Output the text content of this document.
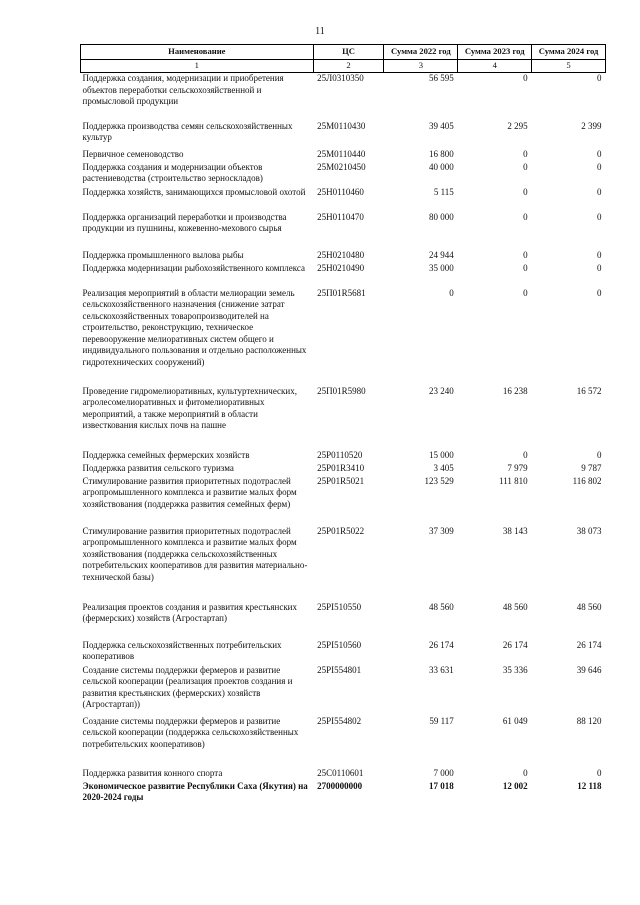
11
Наименование	ЦС	Сумма 2022 год	Сумма 2023 год	Сумма 2024 год
1	2	3	4	5
Поддержка создания, модернизации и приобретения объектов переработки сельскохозяйственной и промысловой продукции	25Л0310350	56 595	0	0
Поддержка производства семян сельскохозяйственных культур	25М0110430	39 405	2 295	2 399
Первичное семеноводство	25М0110440	16 800	0	0
Поддержка создания и модернизации объектов растениеводства (строительство зерноскладов)	25М0210450	40 000	0	0
Поддержка хозяйств, занимающихся промысловой охотой	25Н0110460	5 115	0	0
Поддержка организаций переработки и производства продукции из пушнины, кожевенно-мехового сырья	25Н0110470	80 000	0	0
Поддержка промышленного вылова рыбы	25Н0210480	24 944	0	0
Поддержка модернизации рыбохозяйственного комплекса	25Н0210490	35 000	0	0
Реализация мероприятий в области мелиорации земель сельскохозяйственного назначения (снижение затрат сельскохозяйственных товаропроизводителей на строительство, реконструкцию, техническое перевооружение мелиоративных систем общего и индивидуального пользования и отдельно расположенных гидротехнических сооружений)	25П01R5681	0	0	0
Проведение гидромелиоративных, культуртехнических, агролесомелиоративных и фитомелиоративных мероприятий, а также мероприятий в области известкования кислых почв на пашне	25П01R5980	23 240	16 238	16 572
Поддержка семейных фермерских хозяйств	25Р0110520	15 000	0	0
Поддержка развития сельского туризма	25Р01R3410	3 405	7 979	9 787
Стимулирование развития приоритетных подотраслей агропромышленного комплекса и развитие малых форм хозяйствования (поддержка развития семейных ферм)	25Р01R5021	123 529	111 810	116 802
Стимулирование развития приоритетных подотраслей агропромышленного комплекса и развитие малых форм хозяйствования (поддержка сельскохозяйственных потребительских кооперативов для развития материально-технической базы)	25Р01R5022	37 309	38 143	38 073
Реализация проектов создания и развития крестьянских (фермерских) хозяйств (Агростартап)	25PI510550	48 560	48 560	48 560
Поддержка сельскохозяйственных потребительских кооперативов	25PI510560	26 174	26 174	26 174
Создание системы поддержки фермеров и развитие сельской кооперации (реализация проектов создания и развития крестьянских (фермерских) хозяйств (Агростартап))	25PI554801	33 631	35 336	39 646
Создание системы поддержки фермеров и развитие сельской кооперации (поддержка сельскохозяйственных потребительских кооперативов)	25PI554802	59 117	61 049	88 120
Поддержка развития конного спорта	25С0110601	7 000	0	0
Экономическое развитие Республики Саха (Якутия) на 2020-2024 годы	2700000000	17 018	12 002	12 118
